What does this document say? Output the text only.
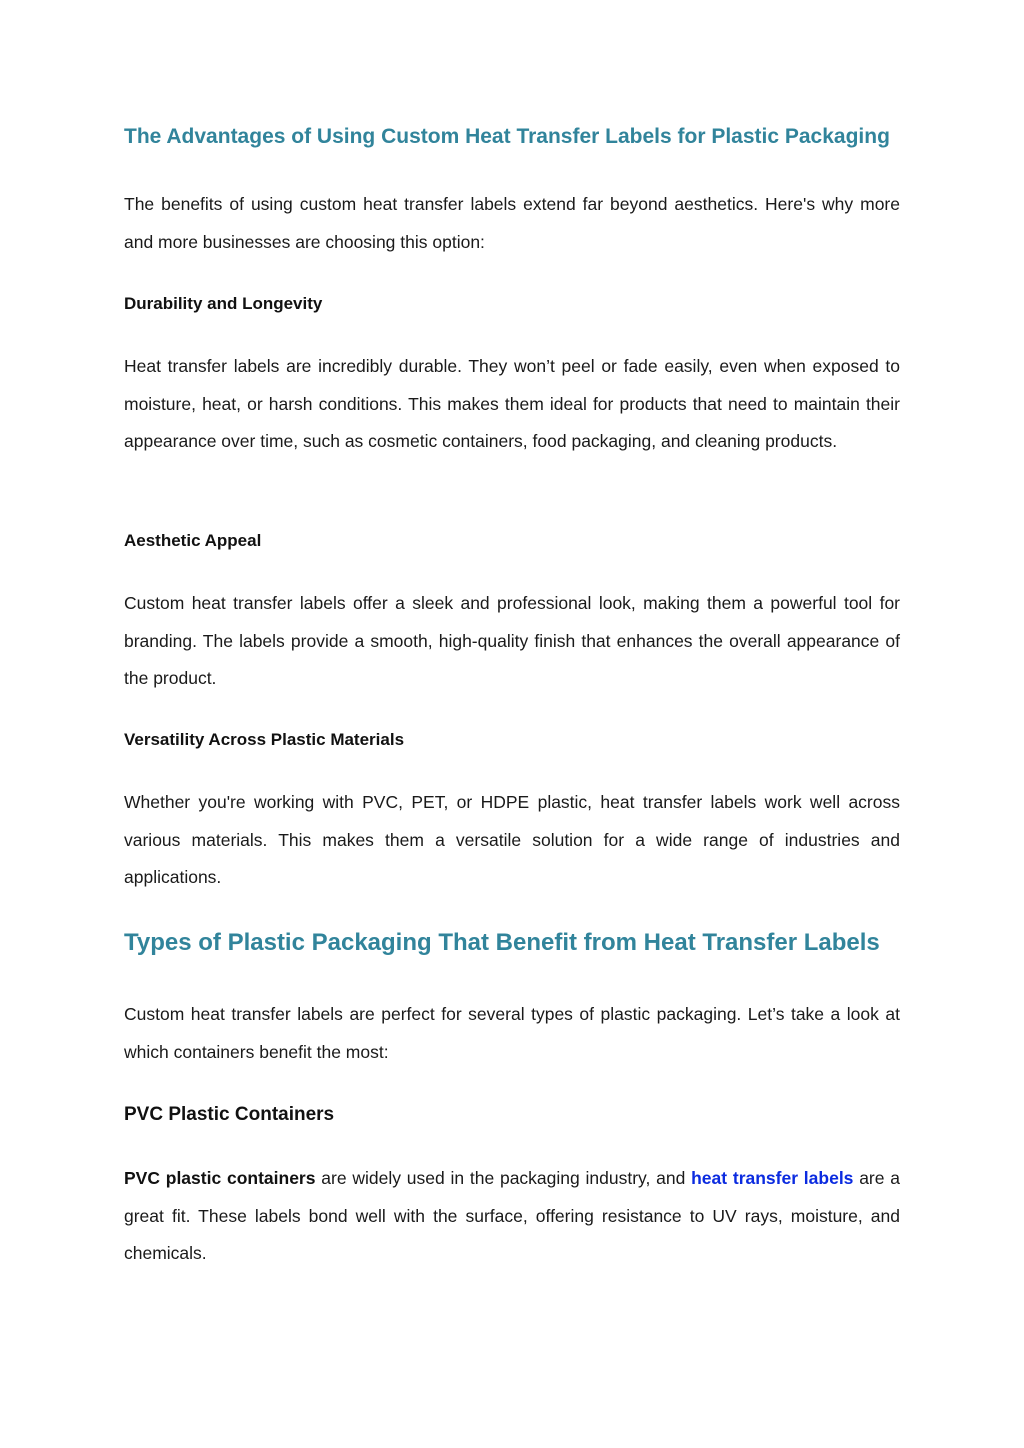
The Advantages of Using Custom Heat Transfer Labels for Plastic Packaging

The benefits of using custom heat transfer labels extend far beyond aesthetics. Here's why more and more businesses are choosing this option:

Durability and Longevity

Heat transfer labels are incredibly durable. They won’t peel or fade easily, even when exposed to moisture, heat, or harsh conditions. This makes them ideal for products that need to maintain their appearance over time, such as cosmetic containers, food packaging, and cleaning products.

Aesthetic Appeal

Custom heat transfer labels offer a sleek and professional look, making them a powerful tool for branding. The labels provide a smooth, high-quality finish that enhances the overall appearance of the product.

Versatility Across Plastic Materials

Whether you're working with PVC, PET, or HDPE plastic, heat transfer labels work well across various materials. This makes them a versatile solution for a wide range of industries and applications.

Types of Plastic Packaging That Benefit from Heat Transfer Labels

Custom heat transfer labels are perfect for several types of plastic packaging. Let’s take a look at which containers benefit the most:

PVC Plastic Containers

PVC plastic containers are widely used in the packaging industry, and heat transfer labels are a great fit. These labels bond well with the surface, offering resistance to UV rays, moisture, and chemicals.
